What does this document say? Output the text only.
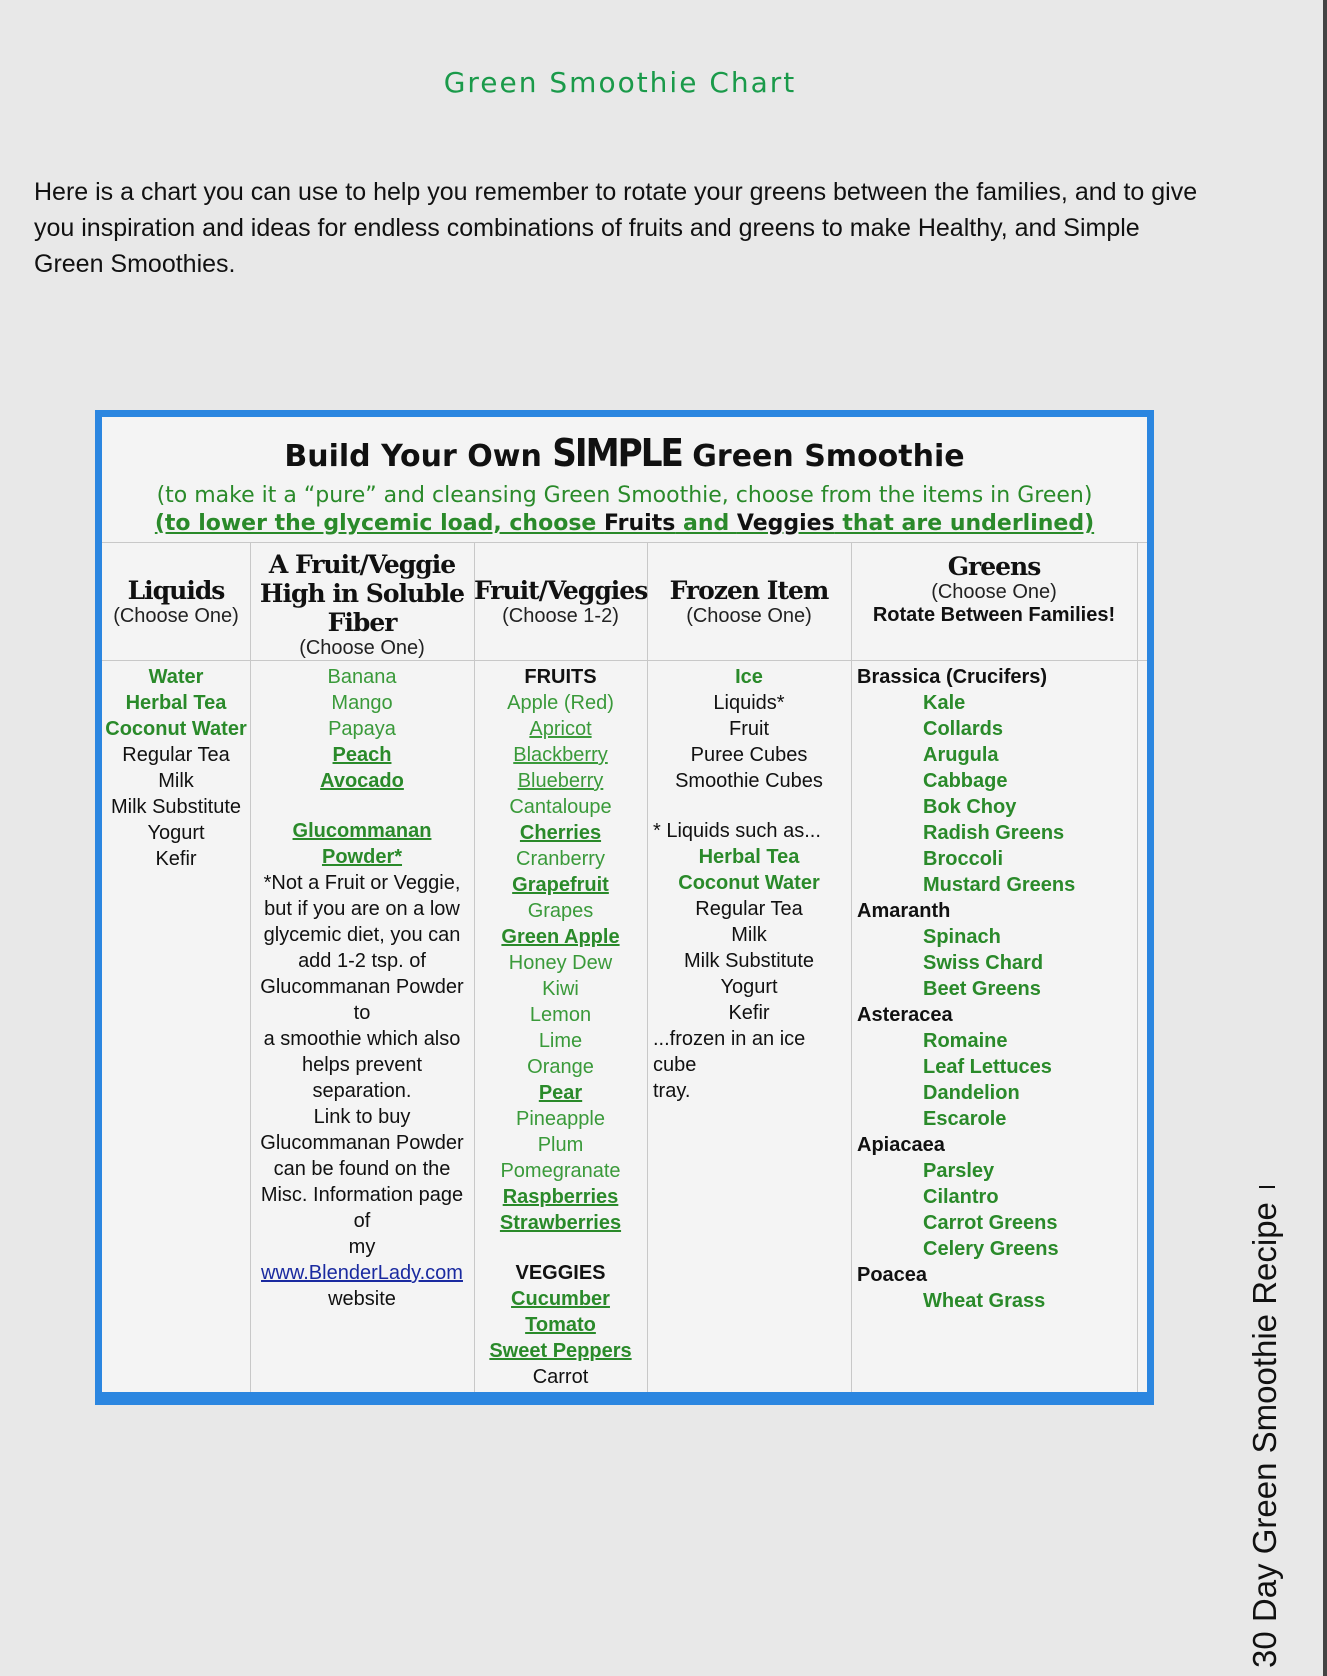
Green Smoothie Chart
Here is a chart you can use to help you remember to rotate your greens between the families, and to give you inspiration and ideas for endless combinations of fruits and greens to make Healthy, and Simple Green Smoothies.
Build Your Own SIMPLE Green Smoothie
(to make it a “pure” and cleansing Green Smoothie, choose from the items in Green)
(to lower the glycemic load, choose Fruits and Veggies that are underlined)
Liquids
(Choose One)
A Fruit/Veggie
High in Soluble Fiber
(Choose One)
Fruit/Veggies
(Choose 1-2)
Frozen Item
(Choose One)
Greens
(Choose One)
Rotate Between Families!
Water
Herbal Tea
Coconut Water
Regular Tea
Milk
Milk Substitute
Yogurt
Kefir
Banana
Mango
Papaya
Peach
Avocado
Glucommanan Powder*
*Not a Fruit or Veggie,
but if you are on a low
glycemic diet, you can
add 1-2 tsp. of
Glucommanan Powder to
a smoothie which also
helps prevent separation.
Link to buy
Glucommanan Powder
can be found on the
Misc. Information page of
my
www.BlenderLady.com
website
FRUITS
Apple (Red)
Apricot
Blackberry
Blueberry
Cantaloupe
Cherries
Cranberry
Grapefruit
Grapes
Green Apple
Honey Dew
Kiwi
Lemon
Lime
Orange
Pear
Pineapple
Plum
Pomegranate
Raspberries
Strawberries
VEGGIES
Cucumber
Tomato
Sweet Peppers
Carrot
Ice
Liquids*
Fruit
Puree Cubes
Smoothie Cubes
* Liquids such as...
Herbal Tea
Coconut Water
Regular Tea
Milk
Milk Substitute
Yogurt
Kefir
...frozen in an ice cube
tray.
Brassica (Crucifers)
Kale
Collards
Arugula
Cabbage
Bok Choy
Radish Greens
Broccoli
Mustard Greens
Amaranth
Spinach
Swiss Chard
Beet Greens
Asteracea
Romaine
Leaf Lettuces
Dandelion
Escarole
Apiacaea
Parsley
Cilantro
Carrot Greens
Celery Greens
Poacea
Wheat Grass	30 Day Green Smoothie Recipe
